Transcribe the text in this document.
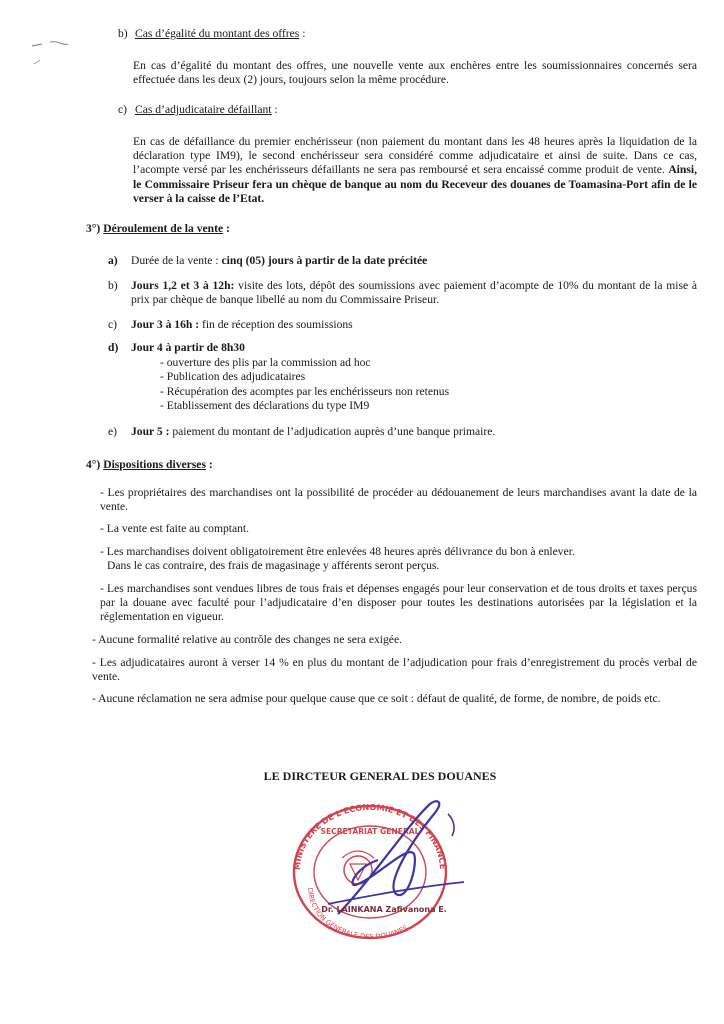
b) Cas d’égalité du montant des offres :
En cas d’égalité du montant des offres, une nouvelle vente aux enchères entre les soumissionnaires concernés sera effectuée dans les deux (2) jours, toujours selon la même procédure.
c) Cas d’adjudicataire défaillant :
En cas de défaillance du premier enchérisseur (non paiement du montant dans les 48 heures après la liquidation de la déclaration type IM9), le second enchérisseur sera considéré comme adjudicataire et ainsi de suite. Dans ce cas, l’acompte versé par les enchérisseurs défaillants ne sera pas remboursé et sera encaissé comme produit de vente. Ainsi, le Commissaire Priseur fera un chèque de banque au nom du Receveur des douanes de Toamasina-Port afin de le verser à la caisse de l’Etat.
3°) Déroulement de la vente :
a) Durée de la vente : cinq (05) jours à partir de la date précitée
b) Jours 1,2 et 3 à 12h: visite des lots, dépôt des soumissions avec paiement d’acompte de 10% du montant de la mise à prix par chèque de banque libellé au nom du Commissaire Priseur.
c) Jour 3 à 16h : fin de réception des soumissions
d) Jour 4 à partir de 8h30
- ouverture des plis par la commission ad hoc
- Publication des adjudicataires
- Récupération des acomptes par les enchérisseurs non retenus
- Etablissement des déclarations du type IM9
e) Jour 5 : paiement du montant de l’adjudication auprès d’une banque primaire.
4°) Dispositions diverses :
- Les propriétaires des marchandises ont la possibilité de procéder au dédouanement de leurs marchandises avant la date de la vente.
- La vente est faite au comptant.
- Les marchandises doivent obligatoirement être enlevées 48 heures après délivrance du bon à enlever.
Dans le cas contraire, des frais de magasinage y afférents seront perçus.
- Les marchandises sont vendues libres de tous frais et dépenses engagés pour leur conservation et de tous droits et taxes perçus par la douane avec faculté pour l’adjudicataire d’en disposer pour toutes les destinations autorisées par la législation et la réglementation en vigueur.
- Aucune formalité relative au contrôle des changes ne sera exigée.
- Les adjudicataires auront à verser 14 % en plus du montant de l’adjudication pour frais d’enregistrement du procès verbal de vente.
- Aucune réclamation ne sera admise pour quelque cause que ce soit : défaut de qualité, de forme, de nombre, de poids etc.
LE DIRCTEUR GENERAL DES DOUANES
MINISTERE DE L'ECONOMIE ET DES FINANCE
SECRETARIAT GENERAL
DIRECTION GENERALE DES DOUANES
Dr. LAINKANA Zafivanona E.
